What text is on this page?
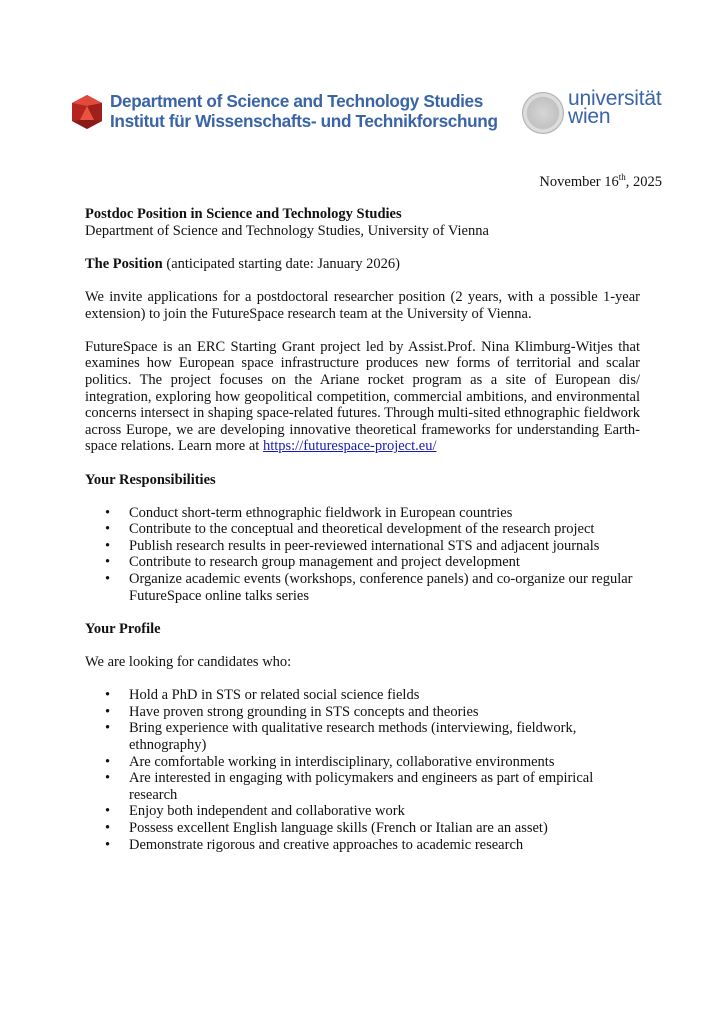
Department of Science and Technology Studies
Institut für Wissenschafts- und Technikforschung
universität
wien
November 16th, 2025

Postdoc Position in Science and Technology Studies

Department of Science and Technology Studies, University of Vienna

The Position (anticipated starting date: January 2026)

We invite applications for a postdoctoral researcher position (2 years, with a possible 1-year extension) to join the FutureSpace research team at the University of Vienna.

FutureSpace is an ERC Starting Grant project led by Assist.Prof. Nina Klimburg-Witjes that examines how European space infrastructure produces new forms of territorial and scalar politics. The project focuses on the Ariane rocket program as a site of European dis/ integration, exploring how geopolitical competition, commercial ambitions, and environmental concerns intersect in shaping space-related futures. Through multi-sited ethnographic fieldwork across Europe, we are developing innovative theoretical frameworks for understanding Earth-space relations. Learn more at https://futurespace-project.eu/

Your Responsibilities

• Conduct short-term ethnographic fieldwork in European countries
• Contribute to the conceptual and theoretical development of the research project
• Publish research results in peer-reviewed international STS and adjacent journals
• Contribute to research group management and project development
• Organize academic events (workshops, conference panels) and co-organize our regular FutureSpace online talks series

Your Profile

We are looking for candidates who:

• Hold a PhD in STS or related social science fields
• Have proven strong grounding in STS concepts and theories
• Bring experience with qualitative research methods (interviewing, fieldwork, ethnography)
• Are comfortable working in interdisciplinary, collaborative environments
• Are interested in engaging with policymakers and engineers as part of empirical research
• Enjoy both independent and collaborative work
• Possess excellent English language skills (French or Italian are an asset)
• Demonstrate rigorous and creative approaches to academic research
